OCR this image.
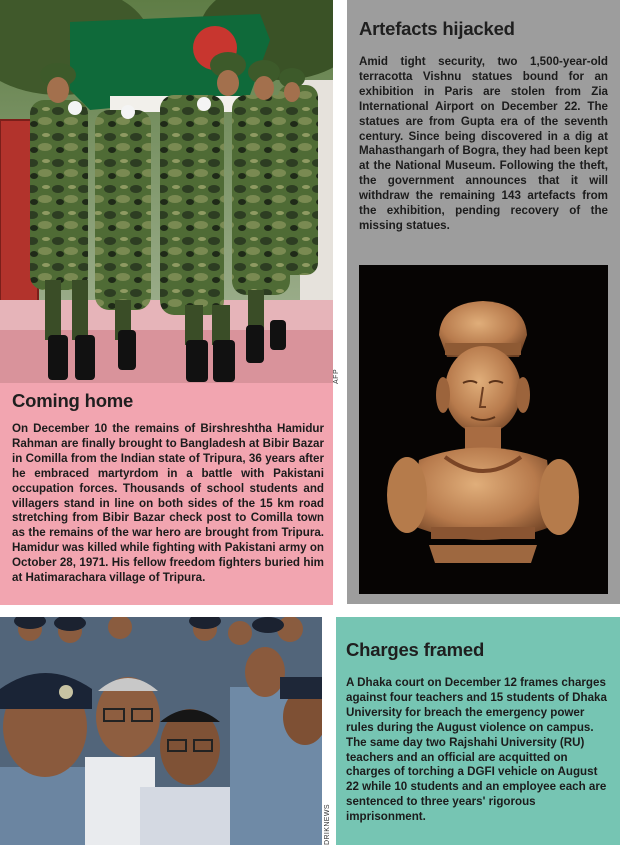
AFP
Coming home

On December 10 the remains of Birshreshtha Hamidur Rahman are finally brought to Bangladesh at Bibir Bazar in Comilla from the Indian state of Tripura, 36 years after he embraced martyrdom in a battle with Pakistani occupation forces. Thousands of school students and villagers stand in line on both sides of the 15 km road stretching from Bibir Bazar check post to Comilla town as the remains of the war hero are brought from Tripura. Hamidur was killed while fighting with Pakistani army on October 28, 1971. His fellow freedom fighters buried him at Hatimarachara village of Tripura.

Artefacts hijacked

Amid tight security, two 1,500-year-old terracotta Vishnu statues bound for an exhibition in Paris are stolen from Zia International Airport on December 22. The statues are from Gupta era of the seventh century. Since being discovered in a dig at Mahasthangarh of Bogra, they had been kept at the National Museum. Following the theft, the government announces that it will withdraw the remaining 143 artefacts from the exhibition, pending recovery of the missing statues.

DRIKNEWS
Charges framed

A Dhaka court on December 12 frames charges against four teachers and 15 students of Dhaka University for breach the emergency power rules during the August violence on campus. The same day two Rajshahi University (RU) teachers and an official are acquitted on charges of torching a DGFI vehicle on August 22 while 10 students and an employee each are sentenced to three years' rigorous imprisonment.
